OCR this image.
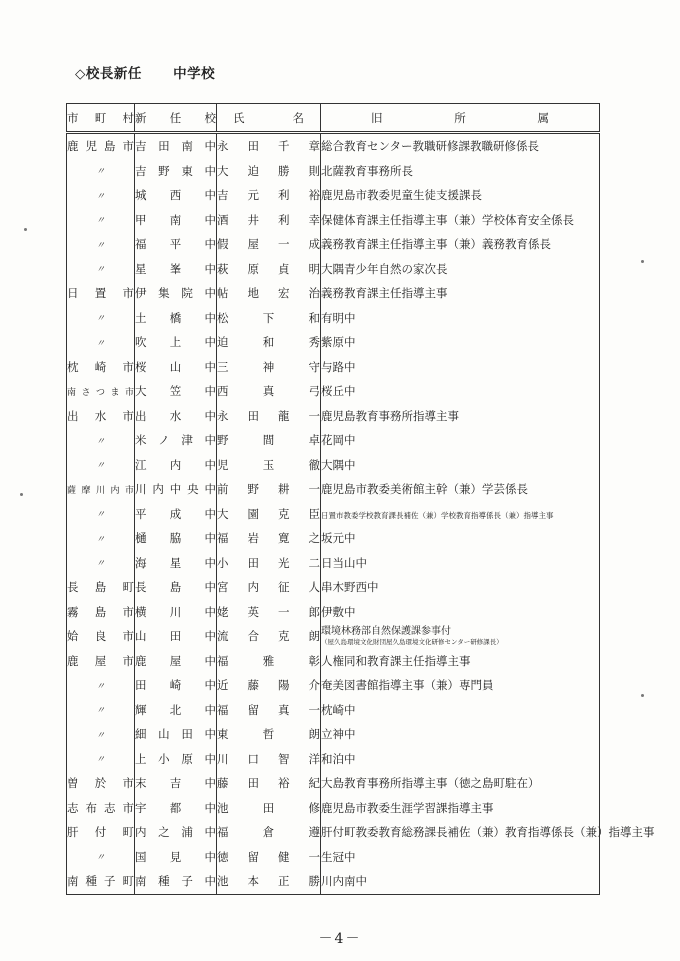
◇校長新任 中学校
市 町 村	新 任 校	氏 名	旧 所 属

鹿 児 島 市	吉 田 南 中	永 田 千 章	総合教育センター教職研修課教職研修係長

〃	吉 野 東 中	大 迫 勝 則	北薩教育事務所長

〃	城 西 中	吉 元 利 裕	鹿児島市教委児童生徒支援課長

〃	甲 南 中	酒 井 利 幸	保健体育課主任指導主事（兼）学校体育安全係長

〃	福 平 中	假 屋 一 成	義務教育課主任指導主事（兼）義務教育係長

〃	星 峯 中	萩 原 貞 明	大隅青少年自然の家次長

日 置 市	伊 集 院 中	帖 地 宏 治	義務教育課主任指導主事

〃	土 橋 中	松 下 和	有明中

〃	吹 上 中	迫 和 秀	紫原中

枕 崎 市	桜 山 中	三 神 守	与路中

南 さ つ ま 市	大 笠 中	西 真 弓	桜丘中

出 水 市	出 水 中	永 田 龍 一	鹿児島教育事務所指導主事

〃	米 ノ 津 中	野 間 卓	花岡中

〃	江 内 中	児 玉 徹	大隅中

薩 摩 川 内 市	川 内 中 央 中	前 野 耕 一	鹿児島市教委美術館主幹（兼）学芸係長

〃	平 成 中	大 園 克 臣	日置市教委学校教育課長補佐（兼）学校教育指導係長（兼）指導主事

〃	樋 脇 中	福 岩 寛 之	坂元中

〃	海 星 中	小 田 光 二	日当山中

長 島 町	長 島 中	宮 内 征 人	串木野西中

霧 島 市	横 川 中	姥 英 一 郎	伊敷中

姶 良 市	山 田 中	流 合 克 朗	環境林務部自然保護課参事付
（屋久島環境文化財団屋久島環境文化研修センター研修課長）

鹿 屋 市	鹿 屋 中	福 雅 彰	人権同和教育課主任指導主事

〃	田 崎 中	近 藤 陽 介	奄美図書館指導主事（兼）専門員

〃	輝 北 中	福 留 真 一	枕崎中

〃	細 山 田 中	東 哲 朗	立神中

〃	上 小 原 中	川 口 智 洋	和泊中

曽 於 市	末 吉 中	藤 田 裕 紀	大島教育事務所指導主事（徳之島町駐在）

志 布 志 市	宇 都 中	池 田 修	鹿児島市教委生涯学習課指導主事

肝 付 町	内 之 浦 中	福 倉 遵	肝付町教委教育総務課長補佐（兼）教育指導係長（兼）指導主事

〃	国 見 中	徳 留 健 一	生冠中

南 種 子 町	南 種 子 中	池 本 正 勝	川内南中
－4－
